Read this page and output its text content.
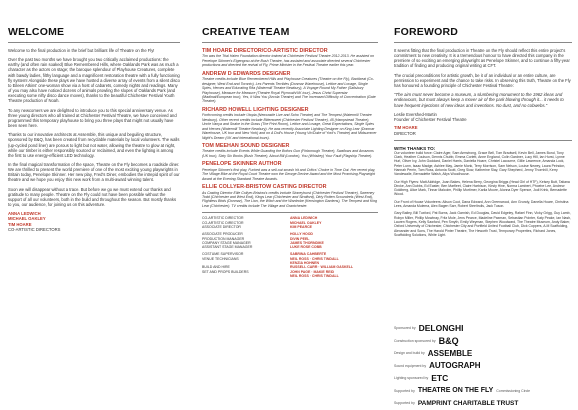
WELCOME

Welcome to the final production in the brief but brilliant life of Theatre on the Fly!

Over the past two months we have brought you two critically acclaimed productions: the earthy (and often rain soaked) Blue Remembered Hills, where Oaklands Park was as much a character as the actors on stage; the baroque splendour of Playhouse Creatures, complete with bawdy ladies, filthy language and a magnificent restoration theatre with a fully functioning fly system! Alongside these plays we have hosted a diverse array of events from a silent disco to Eileen Atkins' one-woman show via a host of cabarets, comedy nights and readings. Many of you may also have noticed dozens of animals prowling the slopes of Oaklands Park (and executing some nifty disco dance moves), thanks to the beautiful Chichester Festival Youth Theatre production of Noah.

To any newcomers we are delighted to introduce you to this special anniversary venue. As three young directors who all trained at Chichester Festival Theatre, we have conceived and programmed this temporary playhouse to bring you three plays that might not usually have been seen here.

Thanks to our innovative architects at Assemble, this unique and beguiling structure, sponsored by B&Q, has been created from recyclable materials by local volunteers. The walls (up-cycled pond liner) are porous to light but not water, allowing the theatre to glow at night, while our timber is either responsibly sourced or reclaimed, and even the lighting is among the first to use energy-efficient LED technology.

In the final magical transformation of the space, Theatre on the Fly becomes a roadside diner. We are thrilled to present the world premiere of one of the most exciting young playwrights in Britain today, Penelope Skinner. Her new play, Fred's Diner, embodies the intrepid spirit of our theatre and we hope you enjoy this new work from a multi-award winning talent.

Soon we will disappear without a trace. But before we go we must extend our thanks and gratitude to many people. Theatre on the Fly could not have been possible without the support of all our volunteers, both in the build and throughout the season. But mostly thanks to you, our audience, for joining us on this adventure.

ANNA LEDWICH
MICHAEL OAKLEY
TIM HOARE
CO-ARTISTIC DIRECTORS
CREATIVE TEAM
TIM HOARE DIRECTOR/CO-ARTISTIC DIRECTOR

Tim was the Trial Halen Foundation director trained at Chichester Festival Theatre 2012-2013. He assisted on Penelope Skinner's Eigengrau at the Bush Theatre, has assisted and associate directed several Chichester productions and directed the revival of Fly, Prime Minister in the Festival Theatre earlier this year.

ANDREW D EDWARDS DESIGNER

Theatre credits include Blue Remembered Hills and Playhouse Creatures (Theatre on the Fly), Backbeat (Co-designer, West End and Toronto), Les Parents Terribles (Donmar Warehouse), Lettice and Lovage, Single Spies, Heroes and Educating Rita (Watermill Theatre Newbury), A Voyage Round My Father (Salisbury Playhouse), Measure for Measure (Theatre Royal Plymouth/UK tour), Jesus Christ Superstar (Madinat/European tour), Yes, It Was You (Arcola Theatre) and The Increased Difficulty of Concentration (Gate Theatre).

RICHARD HOWELL LIGHTING DESIGNER

Forthcoming credits include Utopia (Newcastle Live and Soho Theatre) and The Tempest (Watermill Theatre Newbury). Other recent credits include Bittersweet (Chichester Festival Theatre), 45 (Hampstead Theatre), Uncle Vanya and Snake in the Grass (The Print Room), Lettice and Lovage, Great Expectations, Single Spies and Heroes (Watermill Theatre Newbury). He was recently Associate Lighting Designer on King Lear (Donmar Warehouse, UK tour and New York) and on A Doll's House (Young Vic/Duke of York's Theatre) and Midsummer Night's Dream (UK and international tours).

TOM MEEHAN SOUND DESIGNER

Theatre credits include Events While Guarding the Bofors Gun (Finborough Theatre), Swallows and Amazons (UK tour), Sixty Six Books (Bush Theatre), About Bill (London), You (Whiskey) Your Fault (Flagship Theatre).

PENELOPE SKINNER AUTHOR

Penelope Skinner's first play, Fucked was a sell-out smash hit and Critics' Choice in Time Out. Her recent play, The Village Bike at the Royal Court Theatre won the George Devine Award and the Most Promising Playwright Award at the Evening Standard Theatre Awards.

ELLIE COLLYER-BRISTOW CASTING DIRECTOR

As Casting Director Ellie Collyer-Bristow's credits include Stoneyhurst (Chichester Festival Theatre), Sweeney Todd (Chichester and West End), Kings Lear (Chichester and Stratford), Dirty Rotten Scoundrels (West End), Flightless Birds (Donmar), The Lion, the Witch and the Wardrobe (Kensington Gardens), The Tempest and King Lear (Chichester). TV credits include The Village and Grantchester.

CO-ARTISTIC DIRECTOR
CO-ARTISTIC DIRECTOR
ASSOCIATE DIRECTOR
ASSOCIATE PRODUCER
PRODUCTION MANAGER
COMPANY STAGE MANAGER
ASSISTANT STAGE MANAGER
COSTUME SUPERVISOR
VENUE TECHNICIANS

BUILD AND HIRE
SET AND PROPS BUILDERS

ANNA LEDWICH
MICHAEL OAKLEY
KIM PEARCE
HOLLY HOOD
DIVIN PEEL
JAMES THORNDIKE
LUKE ROSE COBB
SABRINA CAHBERTE
NEIL ROSS · CHRIS TINDALL
KENZIA HOHNEN
RUSSELL CARR · WILLIAM GASKELL
JOHN PAGE · MAKIE REID
NEIL ROSS · CHRIS TINDALL
FOREWORD

It seems fitting that the final production in Theatre on the Fly should reflect this entire project's commitment to new creativity. It is a tremendous honour to have directed this company in the premiere of so exciting an emerging playwright as Penelope Skinner, and to continue a fifty-year tradition of finding and producing original writing at CFT.

The crucial preconditions for artistic growth, be it of an individual or an entire culture, are permission to experiment and the chance to take risks. In observing this truth, Theatre on the Fly has honoured a founding principle of Chichester Festival Theatre:

"The aim must never become a museum, a slumbering monument to the 1962 ideas and endeavours, but must always keep a mover air of the park blowing through it... it needs to have frequent injections of new ideas and inventions. No dust, and no cobwebs."
Leslie Evershed-Martin
Founder of Chichester Festival Theatre
TIM HOARE
DIRECTOR
WITH THANKS TO:

Our volunteer build force: Claire Ager, Sam Armstrong, Grace Bell, Tom Bradwell, Kevin Bell, James Bond, Tony Clark, Heather Coulson, Dennis Chubb, Emma Corlett, Anne England, Colin Gardner, Lucy Hill, Ian Hurst, Lynne Hurl, Oliver Ivy, John Goddard, Daniel Harris, Daniella Hoare, Christel Lacourne, Gillie Lawrence, Amanda Lock, Peter Lunn, Isaac Madge, Ashlee May, Jamie Monk, Terry Morrison, Sam Nelson, Louise Newey, Laura Peindon, Hannah Perrin, Tom Ross, Antonia Scott, Greg Siow, Katherine Slay, Gary Shepherd, Jenny Thornhill, Kerry Vandewalle, Bernadette Walsh, Ailys Woodhouse.

Our High Flyers: Matt Aldridge, Joan Bakes, Helena Berry, Georgina Briggs (Head Girl of HTF), Kelsey Butt, Tatiana Dircke, Ann Dubbs, Ed Easter, Ben Marfleet, Claire Harbison, Kirsty Hine, Norma Lambert, Phoebe Lee, Andrew Goldberg, Alice Mark, Tinnar Malcolm, Phillip Mortimer, Karlia Moore, Alonna Dyer Spence, Jodi Krink, Bernadette Wood.

Our Front of House Volunteers: Alison Coot, Dana Edward, Ann Greenwood, Ann Grundy, Danella Hoare, Christina Lees, Amanda Mulema, Alex Bagen Sarr, Robert Steeltrolls, Jack Tuson.

Gary Bailey, Bill Tuxford, Pat Burns, Jack Garnish, Ed Douglas, David Edgeley, Rafael Finn, Vicky Grigg, Guy Lamb, Robyn Miller, Phillip Mowbray, Fritz Mole, Jens Pearce, Madeline Paxman, Sebastian Pointer, Katy Peake, Ian Nash, Lauren Rogers, Kelly Sawford, Pen Smyth, Emily Weyman, Stephen Woodward, The Theatre Museum, Andy Baker, Oxford University of Chichester, Chichester City and Portfield United Football Club, Dick Coppers, A.M Scaffolding, Alexander and Sons, The Harold Pinter Theatre, The Heworth Trust, Temporary Properties, Richard Jones, Scaffolding Solutions, White Light.

Sponsored by DELONGHI
Construction sponsored by B&Q
Design and build by ASSEMBLE
Sound equipment by AUTOGRAPH
Lighting sponsored by ETC
Supported by THEATRE ON THE FLY Commissioning Circle
Supported by PAMPRINT CHARITABLE TRUST
